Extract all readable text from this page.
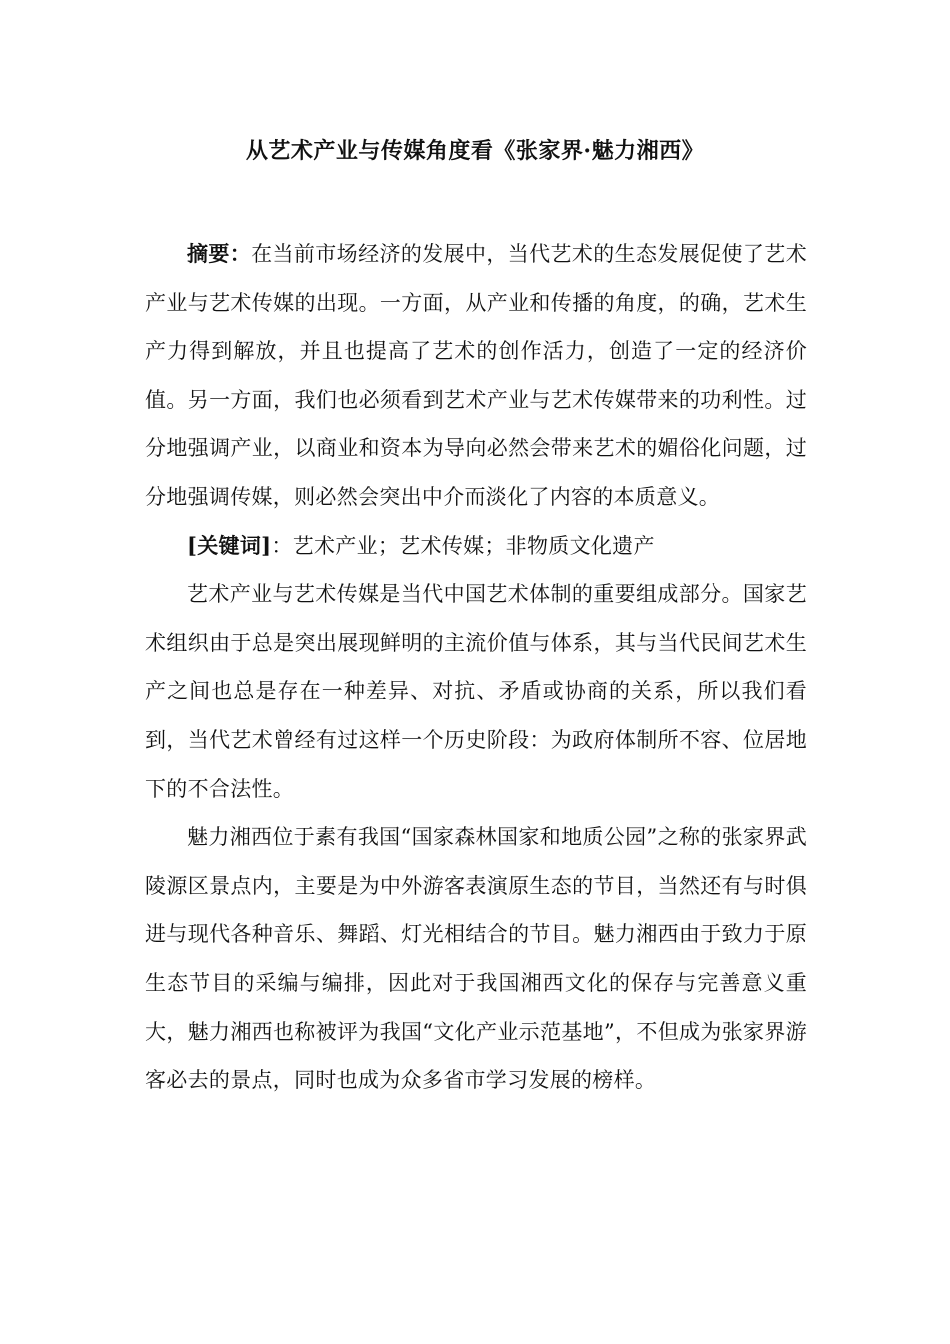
从艺术产业与传媒角度看《张家界·魅力湘西》

摘要：在当前市场经济的发展中，当代艺术的生态发展促使了艺术产业与艺术传媒的出现。一方面，从产业和传播的角度，的确，艺术生产力得到解放，并且也提高了艺术的创作活力，创造了一定的经济价值。另一方面，我们也必须看到艺术产业与艺术传媒带来的功利性。过分地强调产业，以商业和资本为导向必然会带来艺术的媚俗化问题，过分地强调传媒，则必然会突出中介而淡化了内容的本质意义。

[关键词]：艺术产业；艺术传媒；非物质文化遗产

艺术产业与艺术传媒是当代中国艺术体制的重要组成部分。国家艺术组织由于总是突出展现鲜明的主流价值与体系，其与当代民间艺术生产之间也总是存在一种差异、对抗、矛盾或协商的关系，所以我们看到，当代艺术曾经有过这样一个历史阶段：为政府体制所不容、位居地下的不合法性。

魅力湘西位于素有我国“国家森林国家和地质公园”之称的张家界武陵源区景点内，主要是为中外游客表演原生态的节目，当然还有与时俱进与现代各种音乐、舞蹈、灯光相结合的节目。魅力湘西由于致力于原生态节目的采编与编排，因此对于我国湘西文化的保存与完善意义重大，魅力湘西也称被评为我国“文化产业示范基地”，不但成为张家界游客必去的景点，同时也成为众多省市学习发展的榜样。
